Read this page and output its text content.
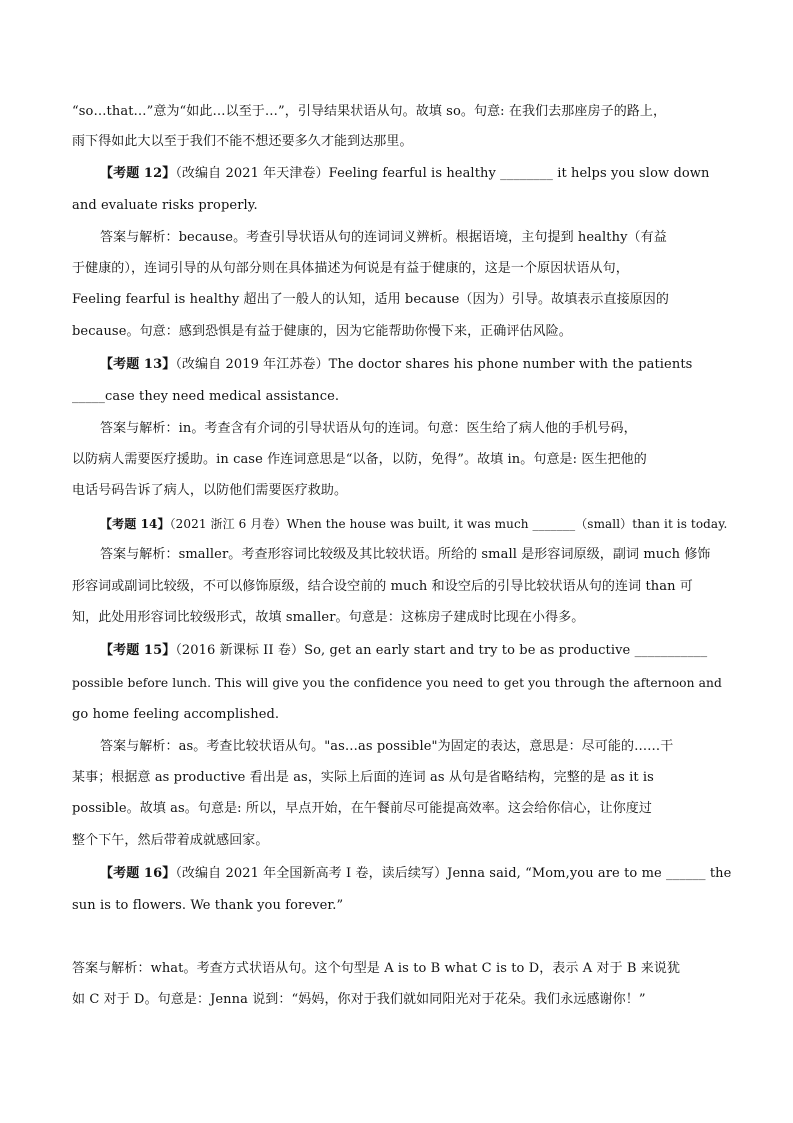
“so…that…”意为“如此…以至于…”，引导结果状语从句。故填 so。句意: 在我们去那座房子的路上，
雨下得如此大以至于我们不能不想还要多久才能到达那里。
【考题 12】（改编自 2021 年天津卷）Feeling fearful is healthy ________ it helps you slow down
and evaluate risks properly.
答案与解析：because。考查引导状语从句的连词词义辨析。根据语境，主句提到 healthy（有益
于健康的），连词引导的从句部分则在具体描述为何说是有益于健康的，这是一个原因状语从句，
Feeling fearful is healthy 超出了一般人的认知，适用 because（因为）引导。故填表示直接原因的
because。句意：感到恐惧是有益于健康的，因为它能帮助你慢下来，正确评估风险。
【考题 13】（改编自 2019 年江苏卷）The doctor shares his phone number with the patients
_____case they need medical assistance.
答案与解析：in。考查含有介词的引导状语从句的连词。句意：医生给了病人他的手机号码，
以防病人需要医疗援助。in case 作连词意思是“以备，以防，免得”。故填 in。句意是: 医生把他的
电话号码告诉了病人，以防他们需要医疗救助。
【考题 14】（2021 浙江 6 月卷）When the house was built, it was much _______（small）than it is today.
答案与解析：smaller。考查形容词比较级及其比较状语。所给的 small 是形容词原级，副词 much 修饰
形容词或副词比较级，不可以修饰原级，结合设空前的 much 和设空后的引导比较状语从句的连词 than 可
知，此处用形容词比较级形式，故填 smaller。句意是：这栋房子建成时比现在小得多。
【考题 15】（2016 新课标 II 卷）So, get an early start and try to be as productive ___________
possible before lunch. This will give you the confidence you need to get you through the afternoon and
go home feeling accomplished.
答案与解析：as。考查比较状语从句。"as…as possible"为固定的表达，意思是：尽可能的……干
某事；根据意 as productive 看出是 as，实际上后面的连词 as 从句是省略结构，完整的是 as it is
possible。故填 as。句意是: 所以，早点开始，在午餐前尽可能提高效率。这会给你信心，让你度过
整个下午，然后带着成就感回家。
【考题 16】（改编自 2021 年全国新高考 I 卷，读后续写）Jenna said, “Mom,you are to me ______ the
sun is to flowers. We thank you forever.”
答案与解析：what。考查方式状语从句。这个句型是 A is to B what C is to D，表示 A 对于 B 来说犹
如 C 对于 D。句意是：Jenna 说到：“妈妈，你对于我们就如同阳光对于花朵。我们永远感谢你！”
